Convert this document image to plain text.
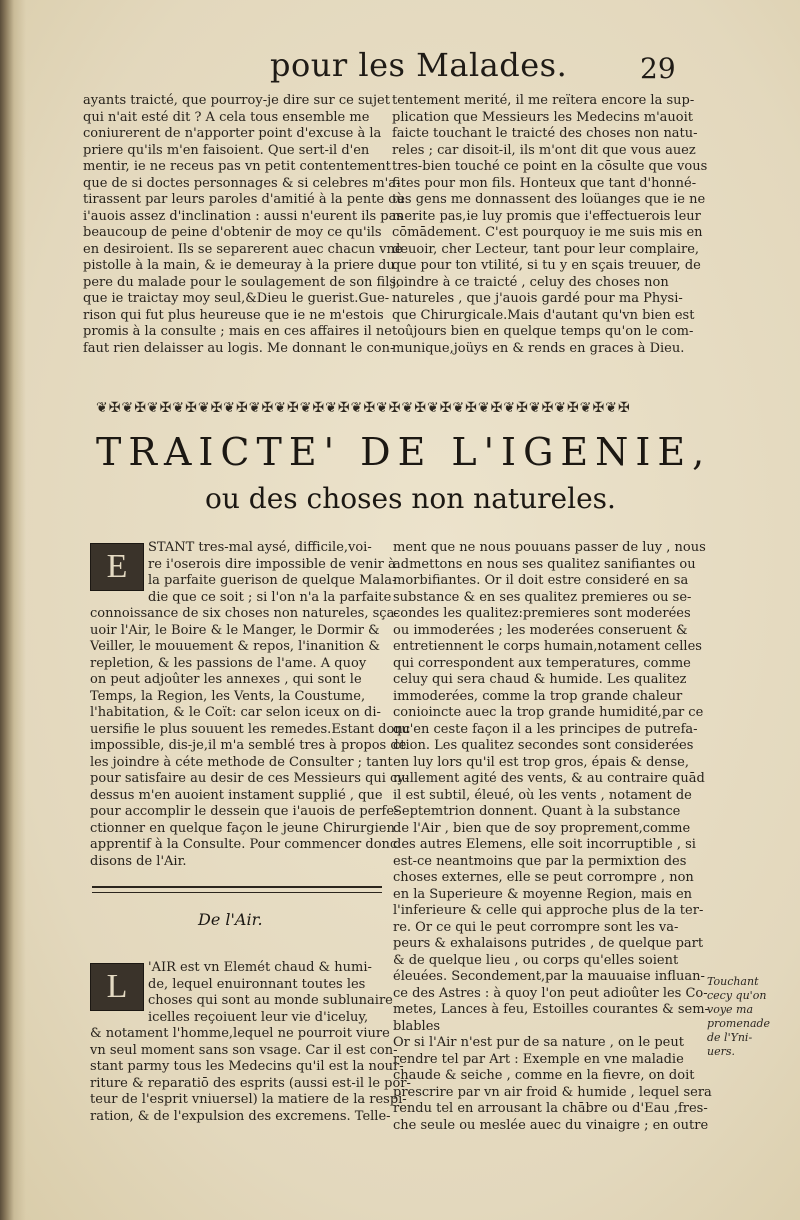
pour les Malades.	29

ayants traicté, que pourroy-je dire sur ce sujet

qui n'ait esté dit ? A cela tous ensemble me

coniurerent de n'apporter point d'excuse à la

priere qu'ils m'en faisoient. Que sert-il d'en

mentir, ie ne receus pas vn petit contentement

que de si doctes personnages & si celebres m'a-

tirassent par leurs paroles d'amitié à la pente où

i'auois assez d'inclination : aussi n'eurent ils pas

beaucoup de peine d'obtenir de moy ce qu'ils

en desiroient. Ils se separerent auec chacun vne

pistolle à la main, & ie demeuray à la priere du

pere du malade pour le soulagement de son fils,

que ie traictay moy seul,&Dieu le guerist.Gue-

rison qui fut plus heureuse que ie ne m'estois

promis à la consulte ; mais en ces affaires il ne

faut rien delaisser au logis. Me donnant le con-

tentement merité, il me reïtera encore la sup-

plication que Messieurs les Medecins m'auoit

faicte touchant le traicté des choses non natu-

reles ; car disoit-il, ils m'ont dit que vous auez

tres-bien touché ce point en la cōsulte que vous

fites pour mon fils. Honteux que tant d'honné-

tes gens me donnassent des loüanges que ie ne

merite pas,ie luy promis que i'effectuerois leur

cōmādement. C'est pourquoy ie me suis mis en

deuoir, cher Lecteur, tant pour leur complaire,

que pour ton vtilité, si tu y en sçais treuuer, de

joindre à ce traicté , celuy des choses non

natureles , que j'auois gardé pour ma Physi-

que Chirurgicale.Mais d'autant qu'vn bien est

toûjours bien en quelque temps qu'on le com-

munique,joüys en & rends en graces à Dieu.

❦✠❦✠❦✠❦✠❦✠❦✠❦✠❦✠❦✠❦✠❦✠❦✠❦✠❦✠❦✠❦✠❦✠❦✠❦✠❦✠❦✠
TRAICTE' DE L'IGENIE,
ou des choses non natureles.
E

STANT tres-mal aysé, difficile,voi-

re i'oserois dire impossible de venir à

la parfaite guerison de quelque Mala-

die que ce soit ; si l'on n'a la parfaite

connoissance de six choses non natureles, sça-

uoir l'Air, le Boire & le Manger, le Dormir &

Veiller, le mouuement & repos, l'inanition &

repletion, & les passions de l'ame. A quoy

on peut adjoûter les annexes , qui sont le

Temps, la Region, les Vents, la Coustume,

l'habitation, & le Coït: car selon iceux on di-

uersifie le plus souuent les remedes.Estant donc

impossible, dis-je,il m'a semblé tres à propos de

les joindre à céte methode de Consulter ; tant

pour satisfaire au desir de ces Messieurs qui cy-

dessus m'en auoient instament supplié , que

pour accomplir le dessein que i'auois de perfe-

ctionner en quelque façon le jeune Chirurgien

apprentif à la Consulte. Pour commencer donc

disons de l'Air.

De l'Air.
L

'AIR est vn Elemét chaud & humi-

de, lequel enuironnant toutes les

choses qui sont au monde sublunaire

icelles reçoiuent leur vie d'iceluy,

& notament l'homme,lequel ne pourroit viure

vn seul moment sans son vsage. Car il est con-

stant parmy tous les Medecins qu'il est la nour-

riture & reparatiō des esprits (aussi est-il le por-

teur de l'esprit vniuersel) la matiere de la respi-

ration, & de l'expulsion des excremens. Telle-

ment que ne nous pouuans passer de luy , nous

admettons en nous ses qualitez sanifiantes ou

morbifiantes. Or il doit estre consideré en sa

substance & en ses qualitez premieres ou se-

condes les qualitez:premieres sont moderées

ou immoderées ; les moderées conseruent &

entretiennent le corps humain,notament celles

qui correspondent aux temperatures, comme

celuy qui sera chaud & humide. Les qualitez

immoderées, comme la trop grande chaleur

conioincte auec la trop grande humidité,par ce

qu'en ceste façon il a les principes de putrefa-

ction. Les qualitez secondes sont considerées

en luy lors qu'il est trop gros, épais & dense,

nullement agité des vents, & au contraire quād

il est subtil, éleué, où les vents , notament de

Septemtrion donnent. Quant à la substance

de l'Air , bien que de soy proprement,comme

des autres Elemens, elle soit incorruptible , si

est-ce neantmoins que par la permixtion des

choses externes, elle se peut corrompre , non

en la Superieure & moyenne Region, mais en

l'inferieure & celle qui approche plus de la ter-

re. Or ce qui le peut corrompre sont les va-

peurs & exhalaisons putrides , de quelque part

& de quelque lieu , ou corps qu'elles soient

éleuées. Secondement,par la mauuaise influan-

ce des Astres : à quoy l'on peut adioûter les Co-

metes, Lances à feu, Estoilles courantes & sem-

blables

Or si l'Air n'est pur de sa nature , on le peut

rendre tel par Art : Exemple en vne maladie

chaude & seiche , comme en la fievre, on doit

prescrire par vn air froid & humide , lequel sera

rendu tel en arrousant la chābre ou d'Eau ,fres-

che seule ou meslée auec du vinaigre ; en outre

Touchant

cecy qu'on

voye ma

promenade

de l'Yni-

uers.
